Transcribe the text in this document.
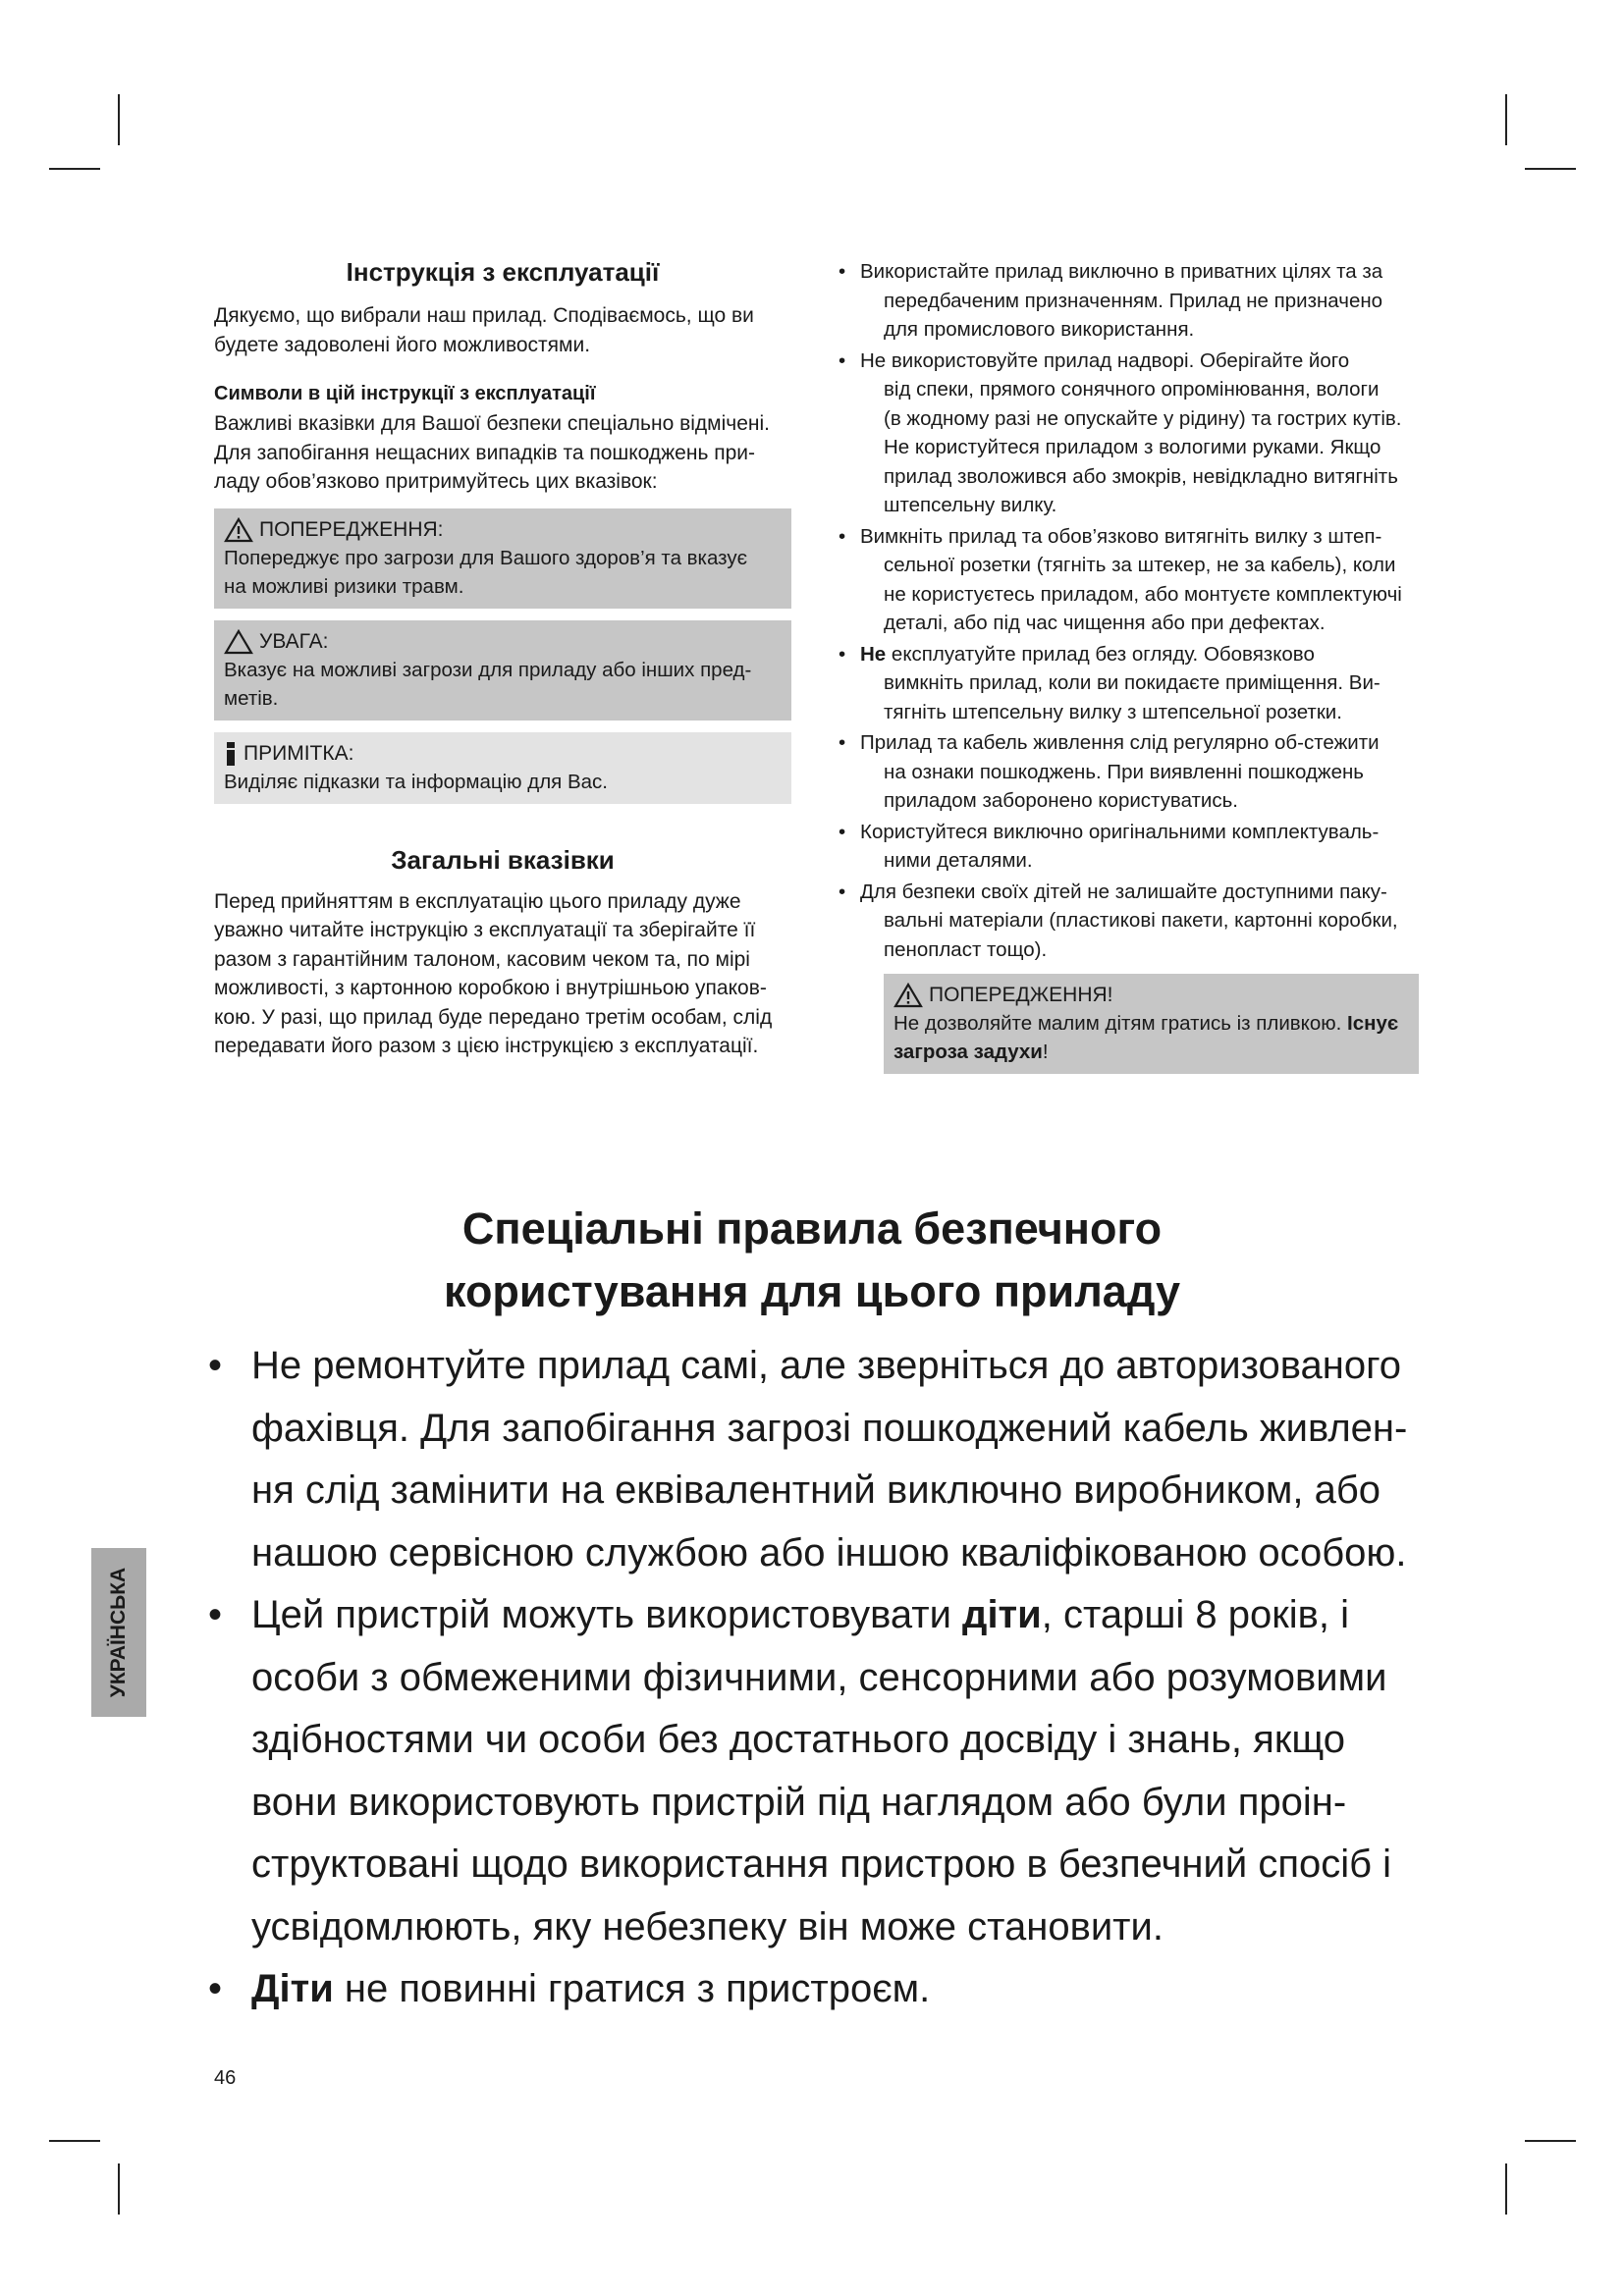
Інструкція з експлуатації

Дякуємо, що вибрали наш прилад. Сподіваємось, що ви
будете задоволені його можливостями.

Символи в цій інструкції з експлуатації

Важливі вказівки для Вашої безпеки спеціально відмічені.
Для запобігання нещасних випадків та пошкоджень при-
ладу обов’язково притримуйтесь цих вказівок:

ПОПЕРЕДЖЕННЯ:
Попереджує про загрози для Вашого здоров’я та вказує
на можливі ризики травм.
УВАГА:
Вказує на можливі загрози для приладу або інших пред-
метів.
ПРИМІТКА:
Виділяє підказки та інформацію для Вас.
Загальні вказівки

Перед прийняттям в експлуатацію цього приладу дуже
уважно читайте інструкцію з експлуатації та зберігайте її
разом з гарантійним талоном, касовим чеком та, по мірі
можливості, з картонною коробкою і внутрішньою упаков-
кою. У разі, що прилад буде передано третім особам, слід
передавати його разом з цією інструкцією з експлуатації.

• Використайте прилад виключно в приватних цілях та за
передбаченим призначенням. Прилад не призначено
для промислового використання.
• Не використовуйте прилад надворі. Оберігайте його
від спеки, прямого сонячного опромінювання, вологи
(в жодному разі не опускайте у рідину) та гострих кутів.
Не користуйтеся приладом з вологими руками. Якщо
прилад зволожився або змокрів, невідкладно витягніть
штепсельну вилку.
• Вимкніть прилад та обов’язково витягніть вилку з штеп-
сельної розетки (тягніть за штекер, не за кабель), коли
не користуєтесь приладом, або монтуєте комплектуючі
деталі, або під час чищення або при дефектах.
• Не експлуатуйте прилад без огляду. Обовязково
вимкніть прилад, коли ви покидаєте приміщення. Ви-
тягніть штепсельну вилку з штепсельної розетки.
• Прилад та кабель живлення слід регулярно об-стежити
на ознаки пошкоджень. При виявленні пошкоджень
приладом заборонено користуватись.
• Користуйтеся виключно оригінальними комплектуваль-
ними деталями.
• Для безпеки своїх дітей не залишайте доступними паку-
вальні матеріали (пластикові пакети, картонні коробки,
пенопласт тощо).
ПОПЕРЕДЖЕННЯ!
Не дозволяйте малим дітям гратись із пливкою. Існує
загроза задухи!
Спеціальні правила безпечного
користування для цього приладу
• Не ремонтуйте прилад самі, але зверніться до авторизованого
фахівця. Для запобігання загрозі пошкоджений кабель живлен-
ня слід замінити на еквівалентний виключно виробником, або
нашою сервісною службою або іншою кваліфікованою особою.
• Цей пристрій можуть використовувати діти, старші 8 років, і
особи з обмеженими фізичними, сенсорними або розумовими
здібностями чи особи без достатнього досвіду і знань, якщо
вони використовують пристрій під наглядом або були проін-
структовані щодо використання пристрою в безпечний спосіб і
усвідомлюють, яку небезпеку він може становити.
• Діти не повинні гратися з пристроєм.
УКРАЇНСЬКА
46
